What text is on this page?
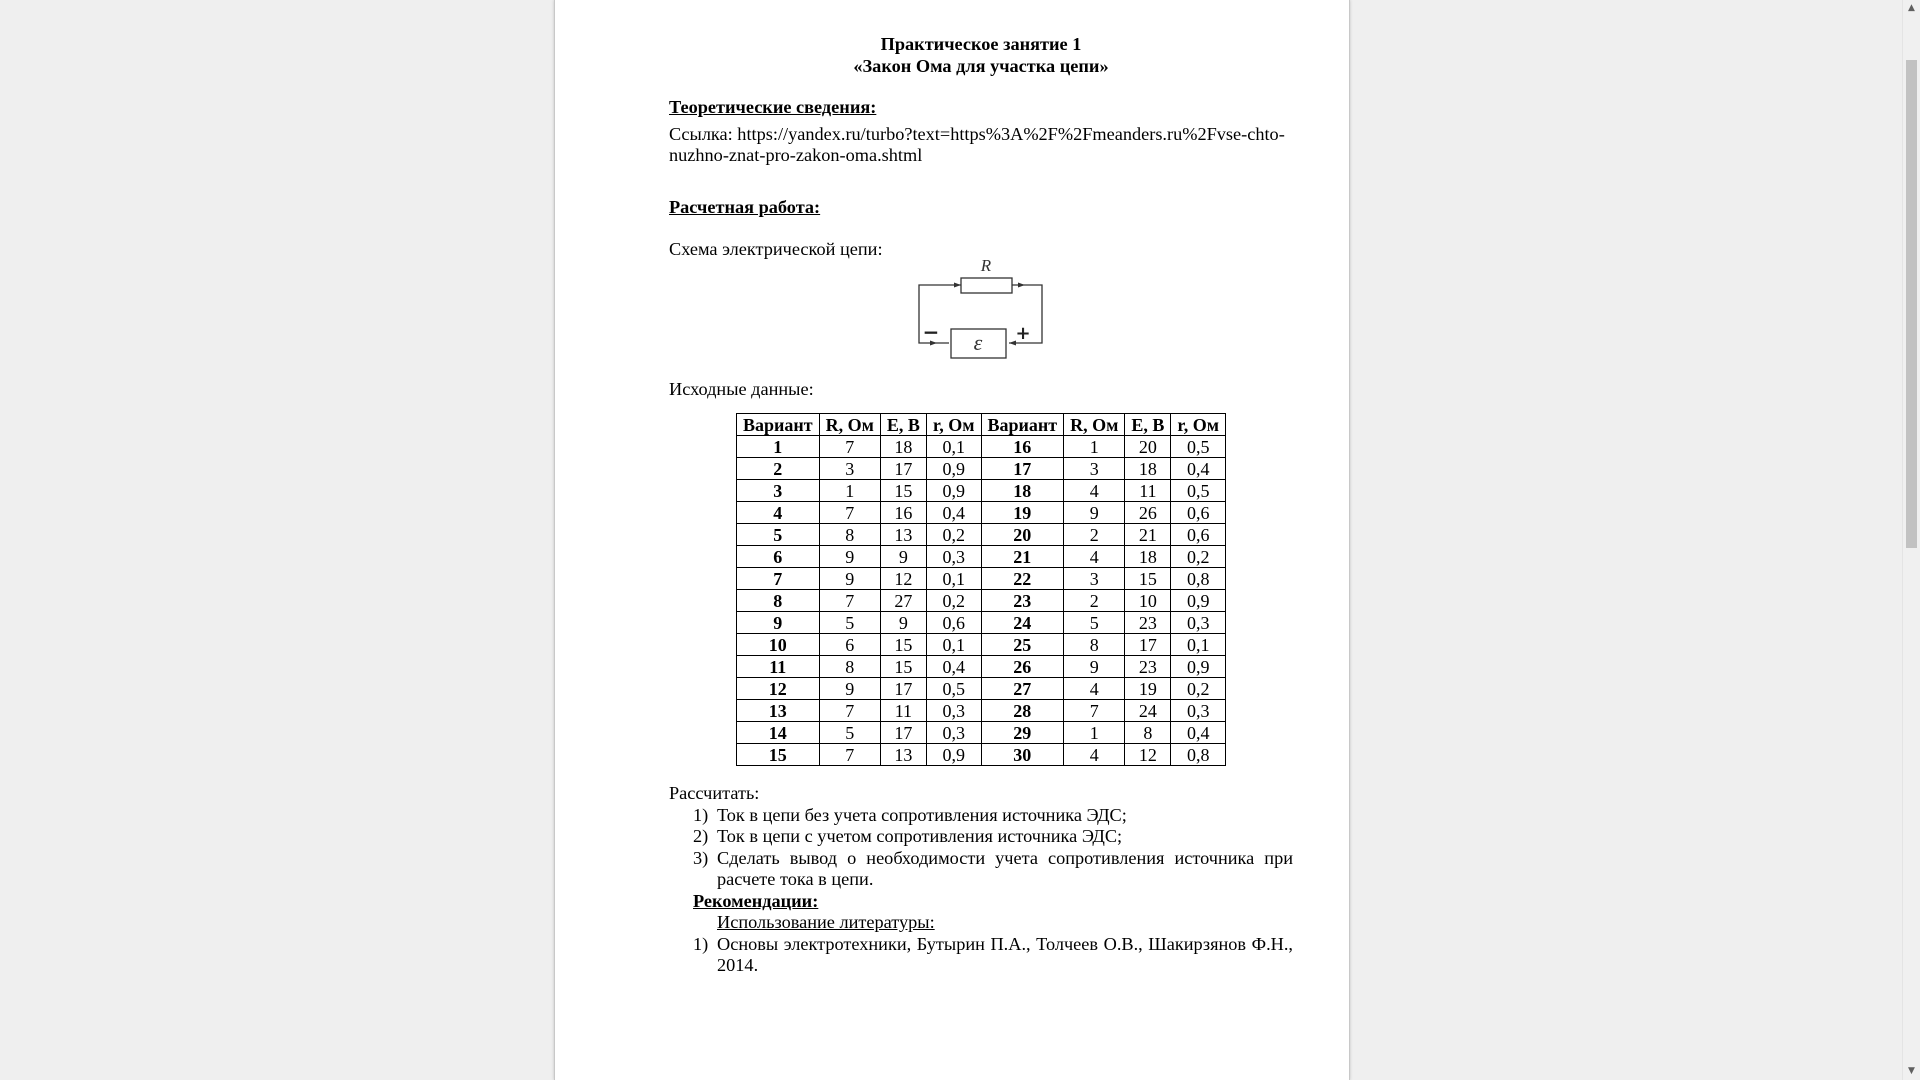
Практическое занятие 1
«Закон Ома для участка цепи»
Теоретические сведения:
Ссылка: https://yandex.ru/turbo?text=https%3A%2F%2Fmeanders.ru%2Fvse-chto-nuzhno-znat-pro-zakon-oma.shtml
Расчетная работа:
Схема электрической цепи:
R
ε
−	+
Исходные данные:
Вариант	R, Ом	E, В	r, Ом	Вариант	R, Ом	E, В	r, Ом
1	7	18	0,1	16	1	20	0,5
2	3	17	0,9	17	3	18	0,4
3	1	15	0,9	18	4	11	0,5
4	7	16	0,4	19	9	26	0,6
5	8	13	0,2	20	2	21	0,6
6	9	9	0,3	21	4	18	0,2
7	9	12	0,1	22	3	15	0,8
8	7	27	0,2	23	2	10	0,9
9	5	9	0,6	24	5	23	0,3
10	6	15	0,1	25	8	17	0,1
11	8	15	0,4	26	9	23	0,9
12	9	17	0,5	27	4	19	0,2
13	7	11	0,3	28	7	24	0,3
14	5	17	0,3	29	1	8	0,4
15	7	13	0,9	30	4	12	0,8
Рассчитать:
1) Ток в цепи без учета сопротивления источника ЭДС;
2) Ток в цепи с учетом сопротивления источника ЭДС;
3) Сделать вывод о необходимости учета сопротивления источника при расчете тока в цепи.
Рекомендации:
Использование литературы:
1) Основы электротехники, Бутырин П.А., Толчеев О.В., Шакирзянов Ф.Н., 2014.
▲
▼
